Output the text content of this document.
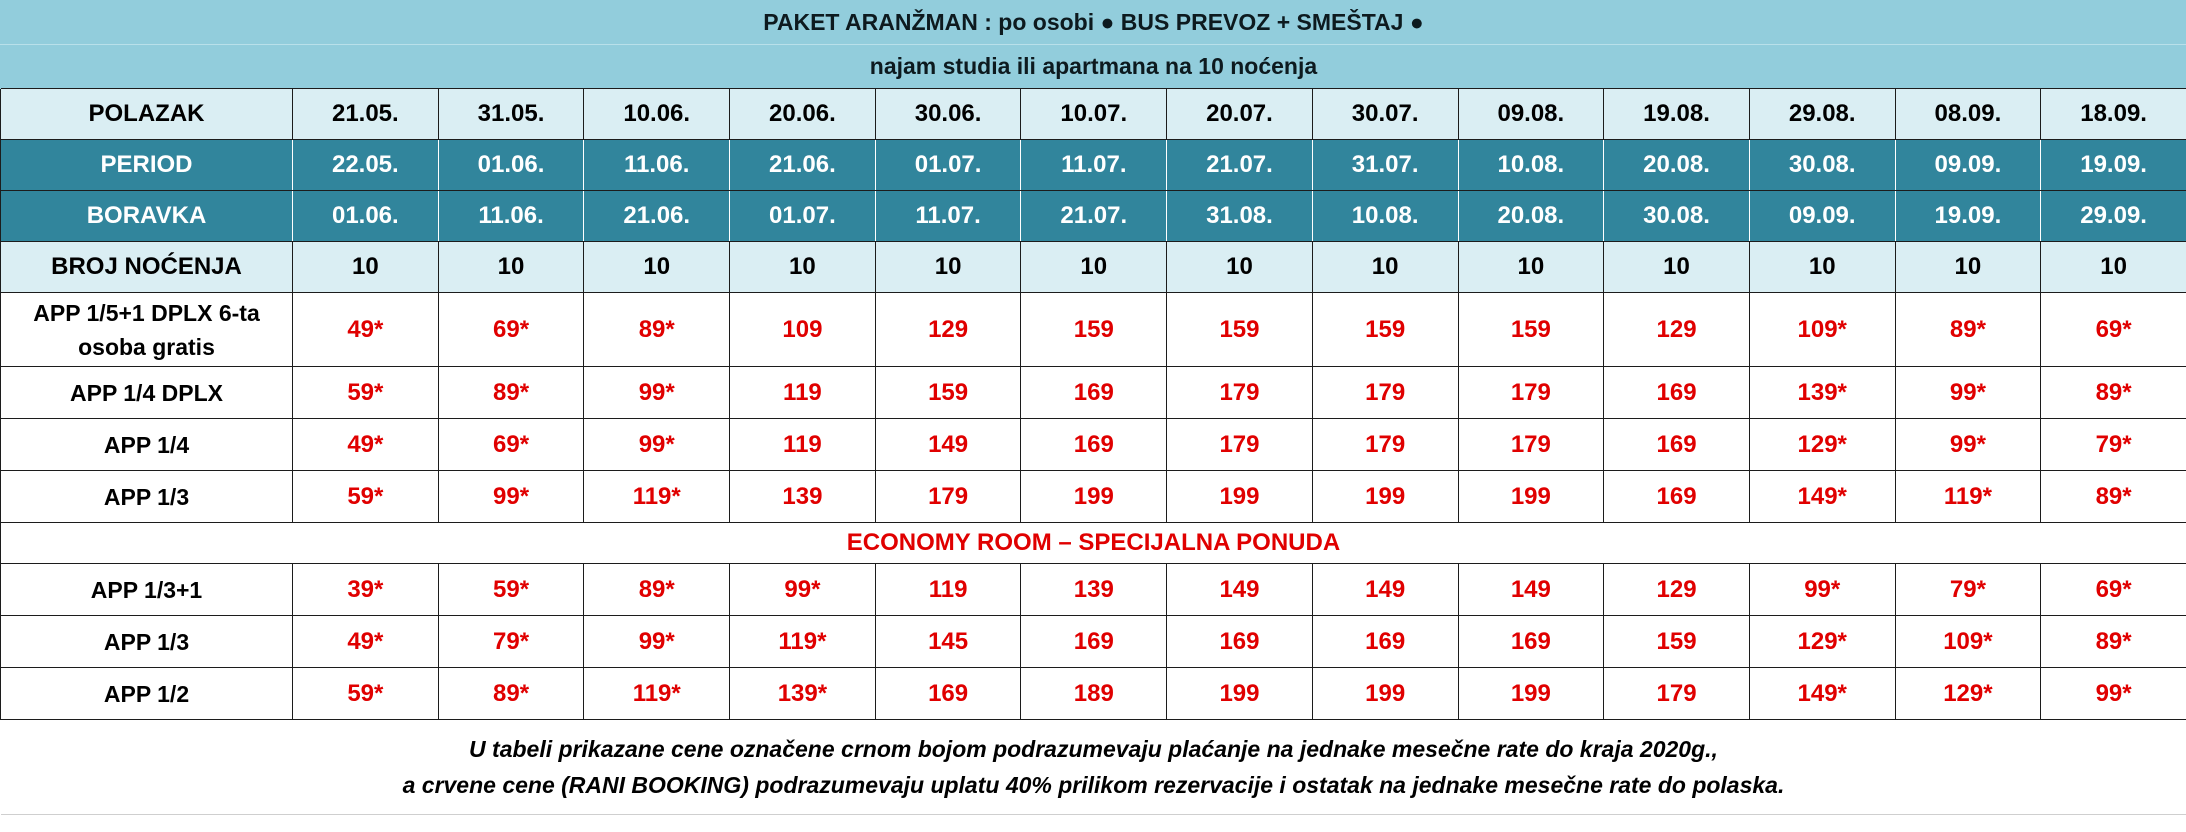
PAKET ARANŽMAN : po osobi ● BUS PREVOZ + SMEŠTAJ ●													
najam studia ili apartmana na 10 noćenja													
POLAZAK	21.05.	31.05.	10.06.	20.06.	30.06.	10.07.	20.07.	30.07.	09.08.	19.08.	29.08.	08.09.	18.09.
PERIOD	22.05.	01.06.	11.06.	21.06.	01.07.	11.07.	21.07.	31.07.	10.08.	20.08.	30.08.	09.09.	19.09.
BORAVKA	01.06.	11.06.	21.06.	01.07.	11.07.	21.07.	31.08.	10.08.	20.08.	30.08.	09.09.	19.09.	29.09.
BROJ NOĆENJA	10	10	10	10	10	10	10	10	10	10	10	10	10
APP 1/5+1 DPLX 6-ta osoba gratis	49*	69*	89*	109	129	159	159	159	159	129	109*	89*	69*
APP 1/4 DPLX	59*	89*	99*	119	159	169	179	179	179	169	139*	99*	89*
APP 1/4	49*	69*	99*	119	149	169	179	179	179	169	129*	99*	79*
APP 1/3	59*	99*	119*	139	179	199	199	199	199	169	149*	119*	89*
ECONOMY ROOM – SPECIJALNA PONUDA													
APP 1/3+1	39*	59*	89*	99*	119	139	149	149	149	129	99*	79*	69*
APP 1/3	49*	79*	99*	119*	145	169	169	169	169	159	129*	109*	89*
APP 1/2	59*	89*	119*	139*	169	189	199	199	199	179	149*	129*	99*

U tabeli prikazane cene označene crnom bojom podrazumevaju plaćanje na jednake mesečne rate do kraja 2020g.,
a crvene cene (RANI BOOKING) podrazumevaju uplatu 40% prilikom rezervacije i ostatak na jednake mesečne rate do polaska.													
